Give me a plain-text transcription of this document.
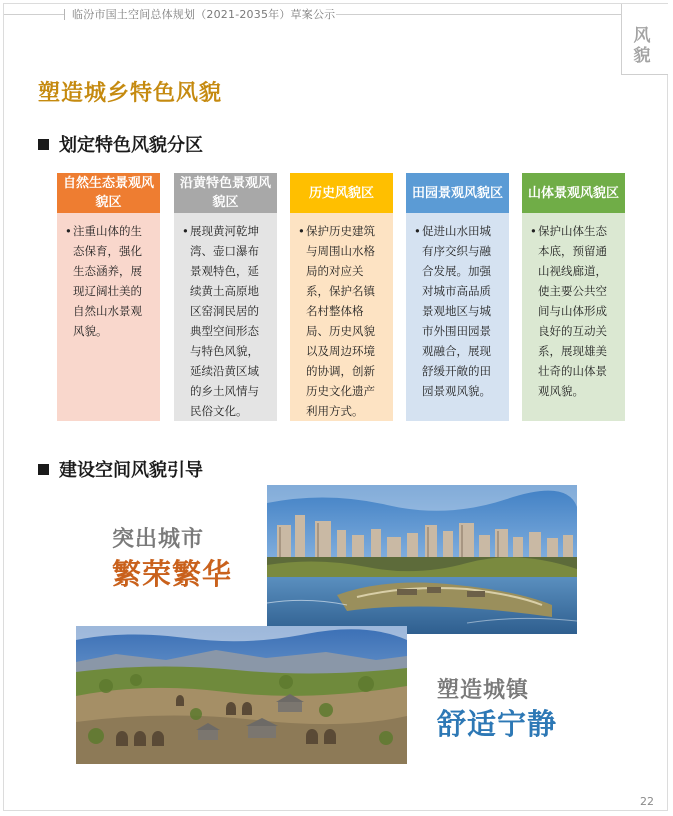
临汾市国土空间总体规划（2021-2035年）草案公示
风貌
塑造城乡特色风貌
划定特色风貌分区
自然生态景观风貌区
• 注重山体的生态保育，强化生态涵养，展现辽阔壮美的自然山水景观风貌。
沿黄特色景观风貌区
• 展现黄河乾坤湾、壶口瀑布景观特色，延续黄土高原地区窑洞民居的典型空间形态与特色风貌，延续沿黄区域的乡土风情与民俗文化。
历史风貌区
• 保护历史建筑与周围山水格局的对应关系，保护名镇名村整体格局、历史风貌以及周边环境的协调，创新历史文化遗产利用方式。
田园景观风貌区
• 促进山水田城有序交织与融合发展。加强对城市高品质景观地区与城市外围田园景观融合，展现舒缓开敞的田园景观风貌。
山体景观风貌区
• 保护山体生态本底，预留通山视线廊道，使主要公共空间与山体形成良好的互动关系，展现雄美壮奇的山体景观风貌。
建设空间风貌引导
突出城市
繁荣繁华
塑造城镇
舒适宁静
22
